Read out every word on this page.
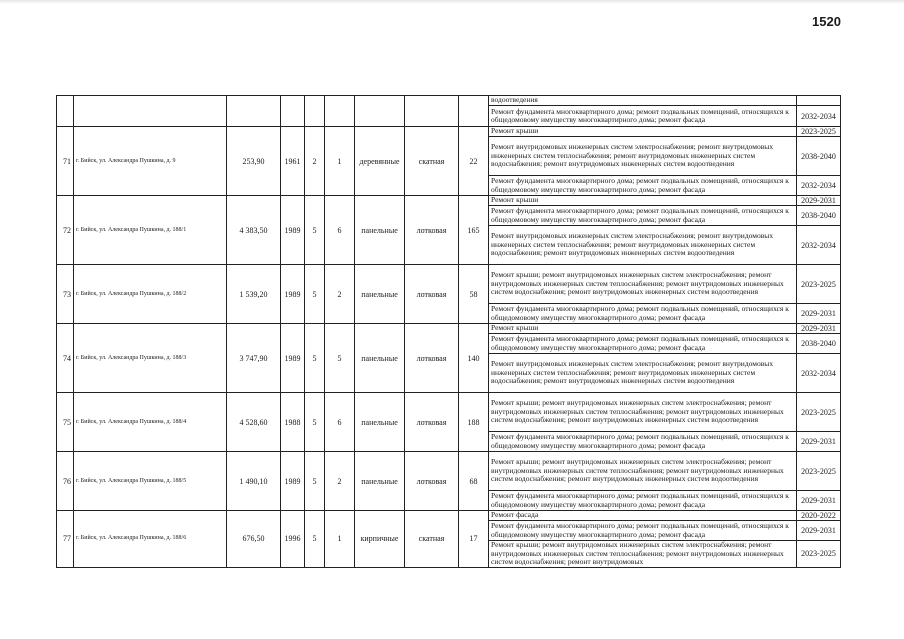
1520
									водоотведения	
									Ремонт фундамента многоквартирного дома; ремонт подвальных помещений, относящихся к общедомовому имуществу многоквартирного дома; ремонт фасада	2032-2034
71	г. Бийск, ул. Александра Пушкина, д. 9	253,90	1961	2	1	деревянные	скатная	22	Ремонт крыши	2023-2025
									Ремонт внутридомовых инженерных систем электроснабжения; ремонт внутридомовых инженерных систем теплоснабжения; ремонт внутридомовых инженерных систем водоснабжения; ремонт внутридомовых инженерных систем водоотведения	2038-2040
									Ремонт фундамента многоквартирного дома; ремонт подвальных помещений, относящихся к общедомовому имуществу многоквартирного дома; ремонт фасада	2032-2034
72	г. Бийск, ул. Александра Пушкина, д. 188/1	4 383,50	1989	5	6	панельные	лотковая	165	Ремонт крыши	2029-2031
									Ремонт фундамента многоквартирного дома; ремонт подвальных помещений, относящихся к общедомовому имуществу многоквартирного дома; ремонт фасада	2038-2040
									Ремонт внутридомовых инженерных систем электроснабжения; ремонт внутридомовых инженерных систем теплоснабжения; ремонт внутридомовых инженерных систем водоснабжения; ремонт внутридомовых инженерных систем водоотведения	2032-2034
73	г. Бийск, ул. Александра Пушкина, д. 188/2	1 539,20	1989	5	2	панельные	лотковая	58	Ремонт крыши; ремонт внутридомовых инженерных систем электроснабжения; ремонт внутридомовых инженерных систем теплоснабжения; ремонт внутридомовых инженерных систем водоснабжения; ремонт внутридомовых инженерных систем водоотведения	2023-2025
									Ремонт фундамента многоквартирного дома; ремонт подвальных помещений, относящихся к общедомовому имуществу многоквартирного дома; ремонт фасада	2029-2031
74	г. Бийск, ул. Александра Пушкина, д. 188/3	3 747,90	1989	5	5	панельные	лотковая	140	Ремонт крыши	2029-2031
									Ремонт фундамента многоквартирного дома; ремонт подвальных помещений, относящихся к общедомовому имуществу многоквартирного дома; ремонт фасада	2038-2040
									Ремонт внутридомовых инженерных систем электроснабжения; ремонт внутридомовых инженерных систем теплоснабжения; ремонт внутридомовых инженерных систем водоснабжения; ремонт внутридомовых инженерных систем водоотведения	2032-2034
75	г. Бийск, ул. Александра Пушкина, д. 188/4	4 528,60	1988	5	6	панельные	лотковая	188	Ремонт крыши; ремонт внутридомовых инженерных систем электроснабжения; ремонт внутридомовых инженерных систем теплоснабжения; ремонт внутридомовых инженерных систем водоснабжения; ремонт внутридомовых инженерных систем водоотведения	2023-2025
									Ремонт фундамента многоквартирного дома; ремонт подвальных помещений, относящихся к общедомовому имуществу многоквартирного дома; ремонт фасада	2029-2031
76	г. Бийск, ул. Александра Пушкина, д. 188/5	1 490,10	1989	5	2	панельные	лотковая	68	Ремонт крыши; ремонт внутридомовых инженерных систем электроснабжения; ремонт внутридомовых инженерных систем теплоснабжения; ремонт внутридомовых инженерных систем водоснабжения; ремонт внутридомовых инженерных систем водоотведения	2023-2025
									Ремонт фундамента многоквартирного дома; ремонт подвальных помещений, относящихся к общедомовому имуществу многоквартирного дома; ремонт фасада	2029-2031
77	г. Бийск, ул. Александра Пушкина, д. 188/6	676,50	1996	5	1	кирпичные	скатная	17	Ремонт фасада	2020-2022
									Ремонт фундамента многоквартирного дома; ремонт подвальных помещений, относящихся к общедомовому имуществу многоквартирного дома; ремонт фасада	2029-2031
									Ремонт крыши; ремонт внутридомовых инженерных систем электроснабжения; ремонт внутридомовых инженерных систем теплоснабжения; ремонт внутридомовых инженерных систем водоснабжения; ремонт внутридомовых	2023-2025
